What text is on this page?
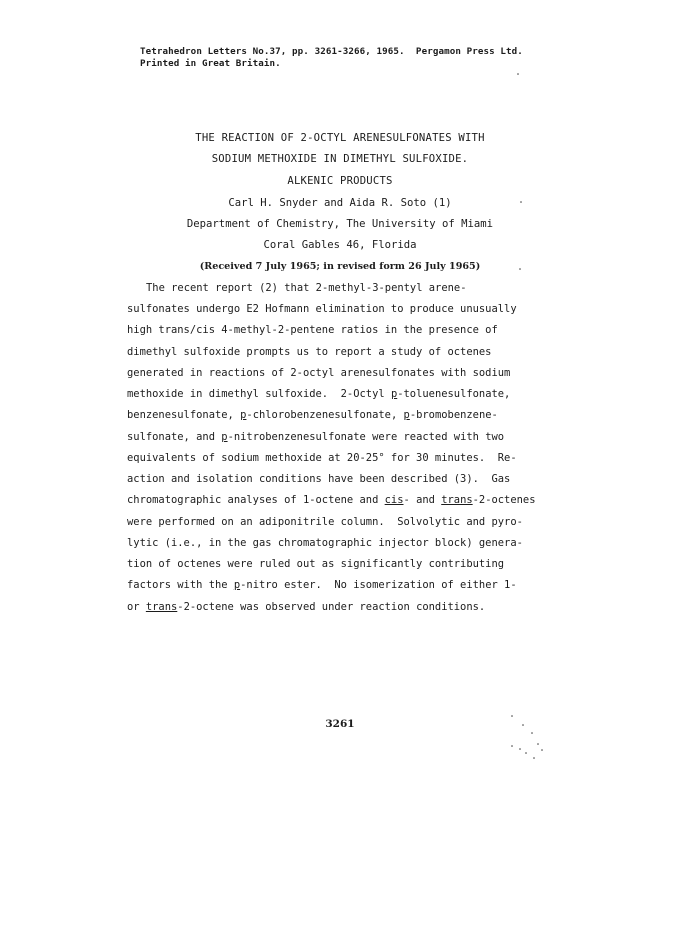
Tetrahedron Letters No.37, pp. 3261-3266, 1965.  Pergamon Press Ltd.
Printed in Great Britain.
THE REACTION OF 2-OCTYL ARENESULFONATES WITH
SODIUM METHOXIDE IN DIMETHYL SULFOXIDE.
ALKENIC PRODUCTS
Carl H. Snyder and Aida R. Soto (1)
Department of Chemistry, The University of Miami
Coral Gables 46, Florida
(Received 7 July 1965; in revised form 26 July 1965)
The recent report (2) that 2-methyl-3-pentyl arene-
sulfonates undergo E2 Hofmann elimination to produce unusually
high trans/cis 4-methyl-2-pentene ratios in the presence of
dimethyl sulfoxide prompts us to report a study of octenes
generated in reactions of 2-octyl arenesulfonates with sodium
methoxide in dimethyl sulfoxide.  2-Octyl p-toluenesulfonate,
benzenesulfonate, p-chlorobenzenesulfonate, p-bromobenzene-
sulfonate, and p-nitrobenzenesulfonate were reacted with two
equivalents of sodium methoxide at 20-25° for 30 minutes.  Re-
action and isolation conditions have been described (3).  Gas
chromatographic analyses of 1-octene and cis- and trans-2-octenes
were performed on an adiponitrile column.  Solvolytic and pyro-
lytic (i.e., in the gas chromatographic injector block) genera-
tion of octenes were ruled out as significantly contributing
factors with the p-nitro ester.  No isomerization of either 1-
or trans-2-octene was observed under reaction conditions.
3261
